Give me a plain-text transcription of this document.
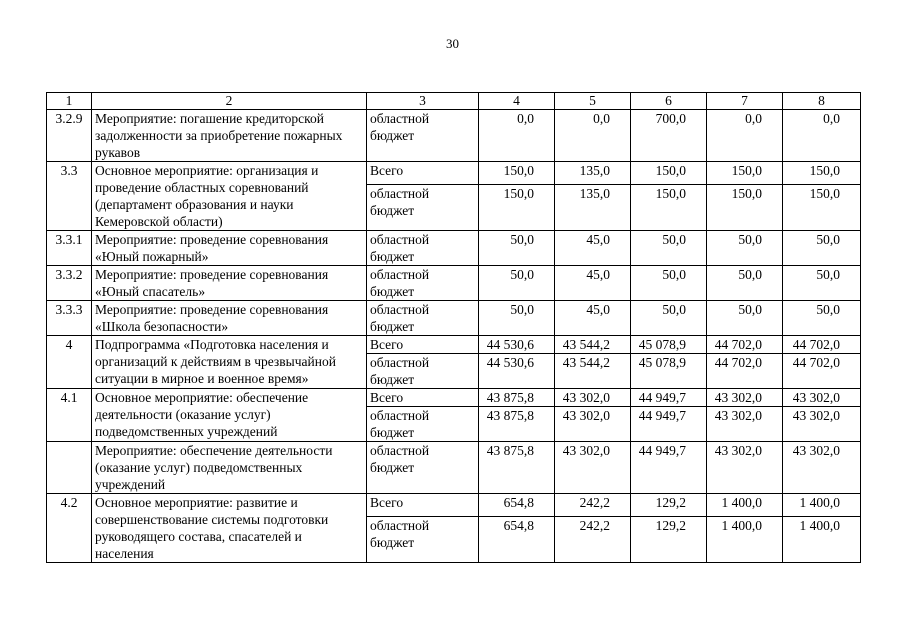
30
1	2	3	4	5	6	7	8
3.2.9	Мероприятие: погашение кредиторской задолженности за приобретение пожарных рукавов	областной бюджет	0,0	0,0	700,0	0,0	0,0
3.3	Основное мероприятие: организация и проведение областных соревнований (департамент образования и науки Кемеровской области)	Всего	150,0	135,0	150,0	150,0	150,0
		областной бюджет	150,0	135,0	150,0	150,0	150,0
3.3.1	Мероприятие: проведение соревнования «Юный пожарный»	областной бюджет	50,0	45,0	50,0	50,0	50,0
3.3.2	Мероприятие: проведение соревнования «Юный спасатель»	областной бюджет	50,0	45,0	50,0	50,0	50,0
3.3.3	Мероприятие: проведение соревнования «Школа безопасности»	областной бюджет	50,0	45,0	50,0	50,0	50,0
4	Подпрограмма «Подготовка населения и организаций к действиям в чрезвычайной ситуации в мирное и военное время»	Всего	44 530,6	43 544,2	45 078,9	44 702,0	44 702,0
		областной бюджет	44 530,6	43 544,2	45 078,9	44 702,0	44 702,0
4.1	Основное мероприятие: обеспечение деятельности (оказание услуг) подведомственных учреждений	Всего	43 875,8	43 302,0	44 949,7	43 302,0	43 302,0
		областной бюджет	43 875,8	43 302,0	44 949,7	43 302,0	43 302,0
	Мероприятие: обеспечение деятельности (оказание услуг) подведомственных учреждений	областной бюджет	43 875,8	43 302,0	44 949,7	43 302,0	43 302,0
4.2	Основное мероприятие: развитие и совершенствование системы подготовки руководящего состава, спасателей и населения	Всего	654,8	242,2	129,2	1 400,0	1 400,0
		областной бюджет	654,8	242,2	129,2	1 400,0	1 400,0
